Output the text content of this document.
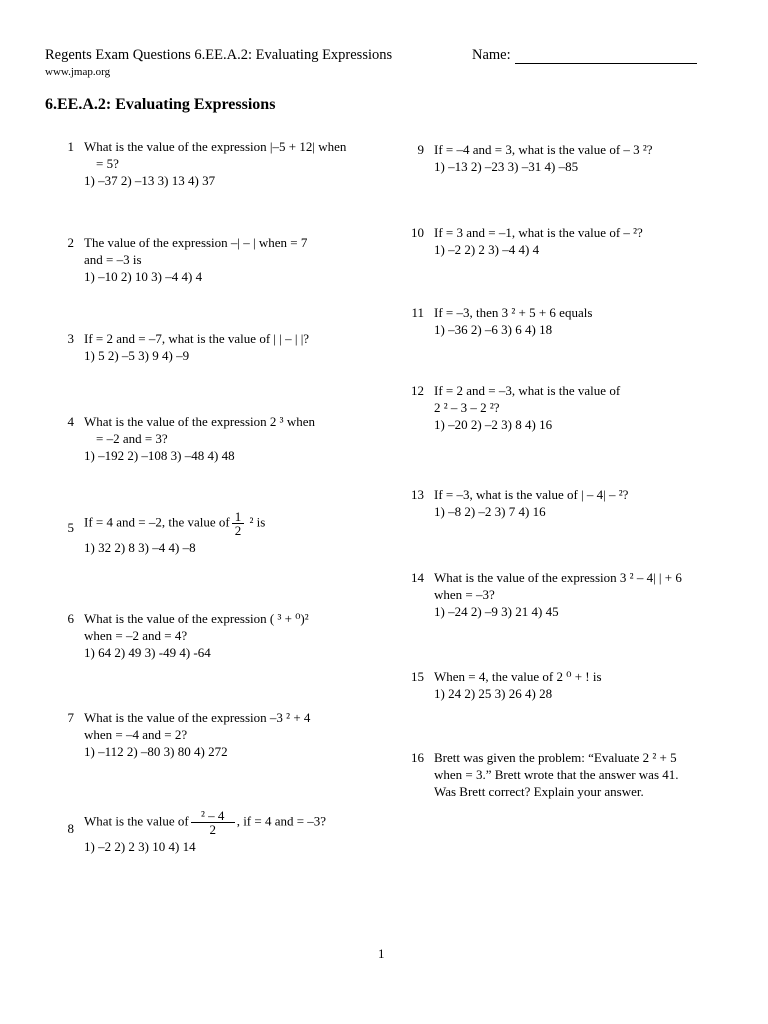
Regents Exam Questions 6.EE.A.2: Evaluating Expressions
www.jmap.org
Name:
6.EE.A.2: Evaluating Expressions
1 What is the value of the expression |–5 + 12| when
= 5?
1) –37 2) –13 3) 13 4) 37
2 The value of the expression –| – | when = 7
and = –3 is
1) –10 2) 10 3) –4 4) 4
3 If = 2 and = –7, what is the value of | | – | |?
1) 5 2) –5 3) 9 4) –9
4 What is the value of the expression 2 ³ when
= –2 and = 3?
1) –192 2) –108 3) –48 4) 48
5 If = 4 and = –2, the value of $\frac{1}{2} ^2$ is
1) 32 2) 8 3) –4 4) –8
6 What is the value of the expression ( ³ + ⁰)²
when = –2 and = 4?
1) 64 2) 49 3) -49 4) -64
7 What is the value of the expression –3 ² + 4
when = –4 and = 2?
1) –112 2) –80 3) 80 4) 272
8
What is the value of $\frac{\text{² – 4}}{2}$ , if = 4 and = –3?
1) –2 2) 2 3) 10 4) 14
9 If = –4 and = 3, what is the value of – 3 ²?
1) –13 2) –23 3) –31 4) –85
10 If = 3 and = –1, what is the value of – ²?
1) –2 2) 2 3) –4 4) 4
11 If = –3, then 3 ² + 5 + 6 equals
1) –36 2) –6 3) 6 4) 18
12 If = 2 and = –3, what is the value of
2 ² – 3 – 2 ²?
1) –20 2) –2 3) 8 4) 16
13 If = –3, what is the value of | – 4| – ²?
1) –8 2) –2 3) 7 4) 16
14 What is the value of the expression 3 ² – 4| | + 6
when = –3?
1) –24 2) –9 3) 21 4) 45
15 When = 4, the value of 2 ⁰ + ! is
1) 24 2) 25 3) 26 4) 28
16 Brett was given the problem: “Evaluate 2 ² + 5
when = 3.” Brett wrote that the answer was 41.
Was Brett correct? Explain your answer.
1
